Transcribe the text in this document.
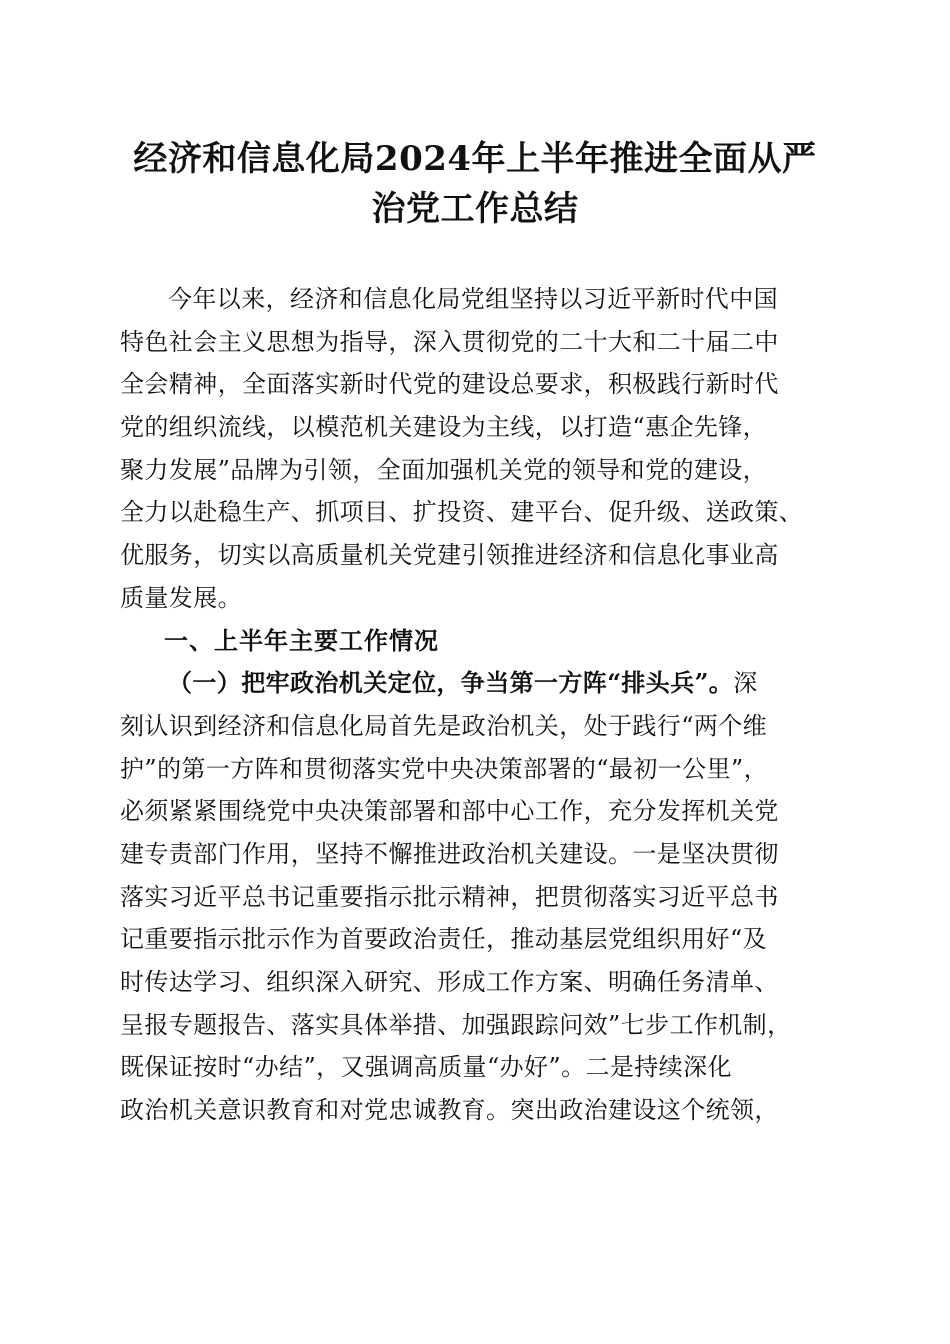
经济和信息化局2024年上半年推进全面从严
治党工作总结
今年以来，经济和信息化局党组坚持以习近平新时代中国
特色社会主义思想为指导，深入贯彻党的二十大和二十届二中
全会精神，全面落实新时代党的建设总要求，积极践行新时代
党的组织流线，以模范机关建设为主线，以打造“惠企先锋，
聚力发展”品牌为引领，全面加强机关党的领导和党的建设，
全力以赴稳生产、抓项目、扩投资、建平台、促升级、送政策、
优服务，切实以高质量机关党建引领推进经济和信息化事业高
质量发展。
一、上半年主要工作情况
（一）把牢政治机关定位，争当第一方阵“排头兵”。深
刻认识到经济和信息化局首先是政治机关，处于践行“两个维
护”的第一方阵和贯彻落实党中央决策部署的“最初一公里”，
必须紧紧围绕党中央决策部署和部中心工作，充分发挥机关党
建专责部门作用，坚持不懈推进政治机关建设。一是坚决贯彻
落实习近平总书记重要指示批示精神，把贯彻落实习近平总书
记重要指示批示作为首要政治责任，推动基层党组织用好“及
时传达学习、组织深入研究、形成工作方案、明确任务清单、
呈报专题报告、落实具体举措、加强跟踪问效”七步工作机制，
既保证按时“办结”，又强调高质量“办好”。二是持续深化
政治机关意识教育和对党忠诚教育。突出政治建设这个统领，
